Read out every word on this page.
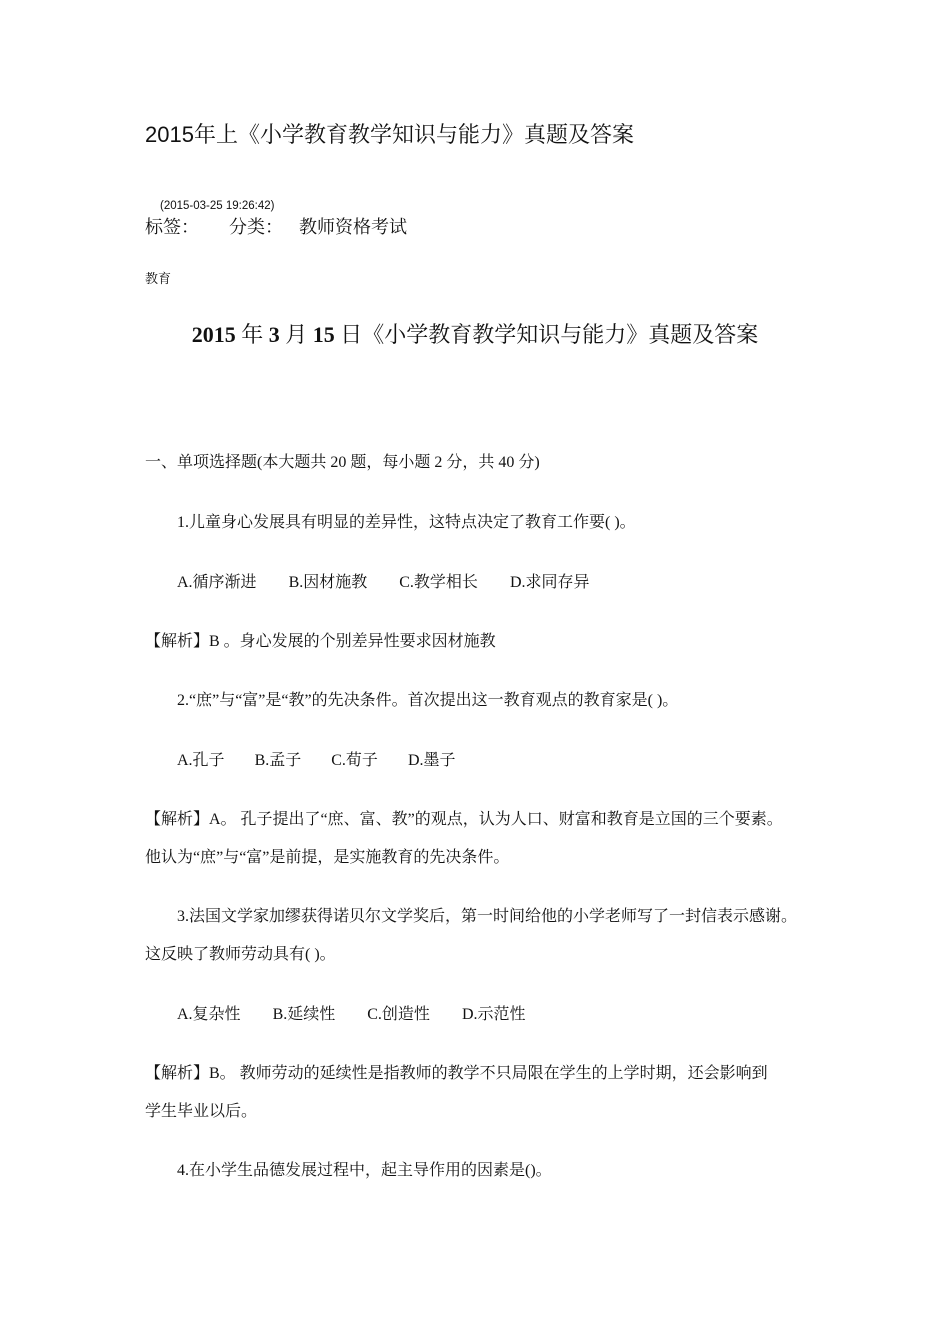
2015年上《小学教育教学知识与能力》真题及答案
(2015-03-25 19:26:42)
标签： 分类： 教师资格考试
教育
2015 年 3 月 15 日《小学教育教学知识与能力》真题及答案
一、单项选择题(本大题共 20 题，每小题 2 分，共 40 分)
1.儿童身心发展具有明显的差异性，这特点决定了教育工作要( )。
A.循序渐进 B.因材施教 C.教学相长 D.求同存异
【解析】B 。身心发展的个别差异性要求因材施教
2.“庶”与“富”是“教”的先决条件。首次提出这一教育观点的教育家是( )。
A.孔子 B.孟子 C.荀子 D.墨子
【解析】A。 孔子提出了“庶、富、教”的观点，认为人口、财富和教育是立国的三个要素。
他认为“庶”与“富”是前提，是实施教育的先决条件。
3.法国文学家加缪获得诺贝尔文学奖后，第一时间给他的小学老师写了一封信表示感谢。
这反映了教师劳动具有( )。
A.复杂性 B.延续性 C.创造性 D.示范性
【解析】B。 教师劳动的延续性是指教师的教学不只局限在学生的上学时期，还会影响到
学生毕业以后。
4.在小学生品德发展过程中，起主导作用的因素是()。
